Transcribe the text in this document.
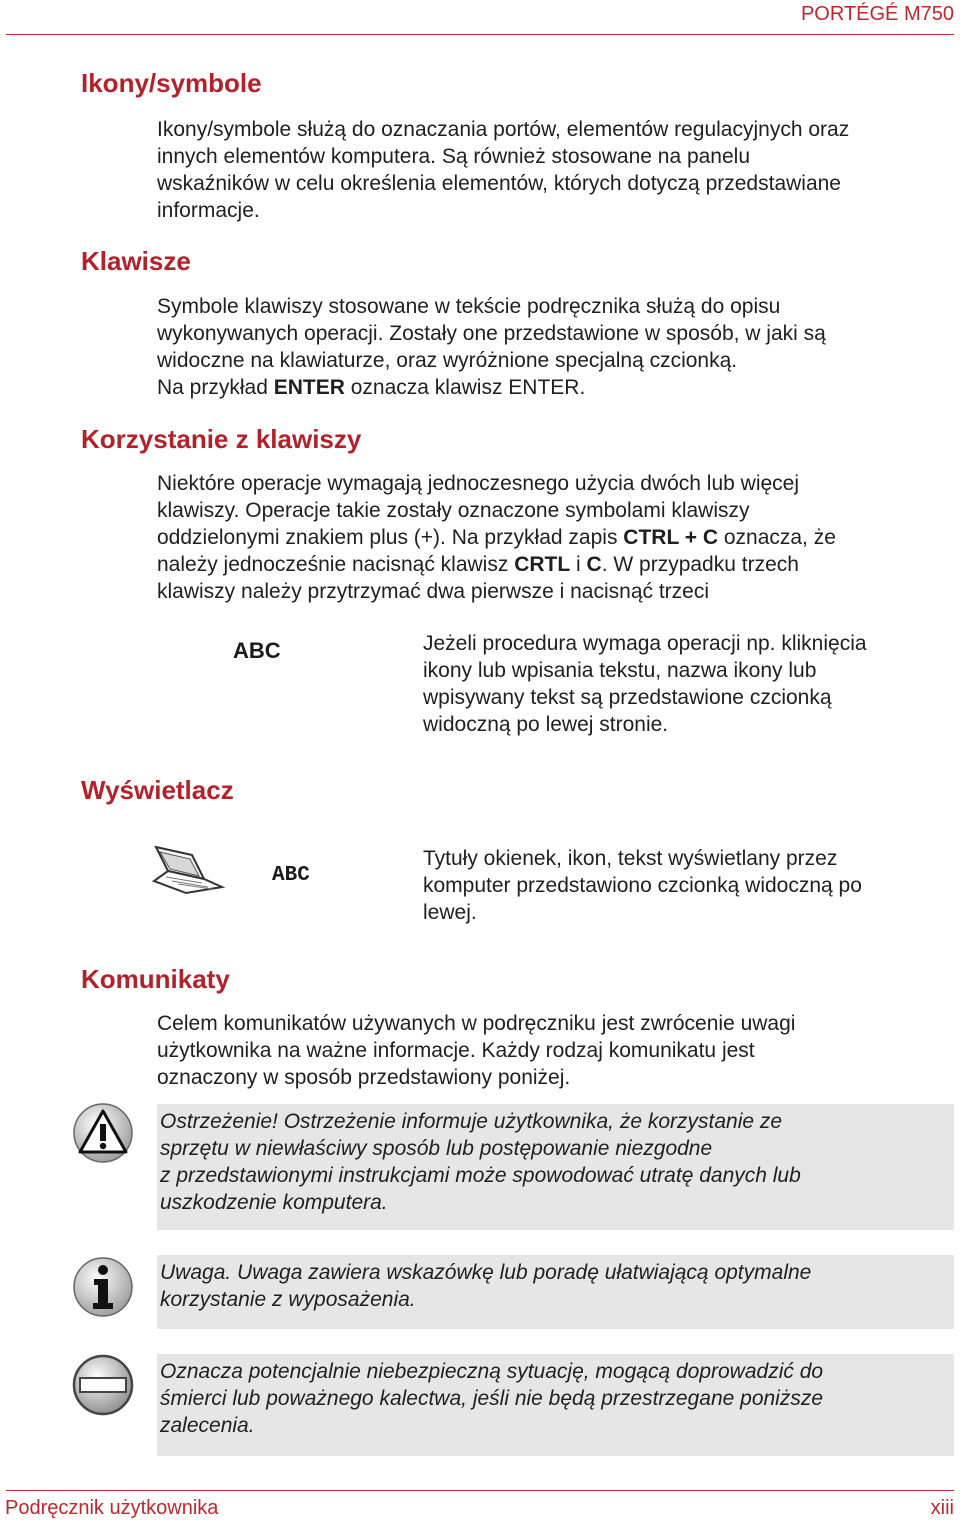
PORTÉGÉ M750
Ikony/symbole
Ikony/symbole służą do oznaczania portów, elementów regulacyjnych oraz
innych elementów komputera. Są również stosowane na panelu
wskaźników w celu określenia elementów, których dotyczą przedstawiane
informacje.
Klawisze
Symbole klawiszy stosowane w tekście podręcznika służą do opisu
wykonywanych operacji. Zostały one przedstawione w sposób, w jaki są
widoczne na klawiaturze, oraz wyróżnione specjalną czcionką.
Na przykład ENTER oznacza klawisz ENTER.
Korzystanie z klawiszy
Niektóre operacje wymagają jednoczesnego użycia dwóch lub więcej
klawiszy. Operacje takie zostały oznaczone symbolami klawiszy
oddzielonymi znakiem plus (+). Na przykład zapis CTRL + C oznacza, że
należy jednocześnie nacisnąć klawisz CRTL i C. W przypadku trzech
klawiszy należy przytrzymać dwa pierwsze i nacisnąć trzeci
ABC	Jeżeli procedura wymaga operacji np. kliknięcia
ikony lub wpisania tekstu, nazwa ikony lub
wpisywany tekst są przedstawione czcionką
widoczną po lewej stronie.
Wyświetlacz
ABC
Tytuły okienek, ikon, tekst wyświetlany przez
komputer przedstawiono czcionką widoczną po
lewej.
Komunikaty
Celem komunikatów używanych w podręczniku jest zwrócenie uwagi
użytkownika na ważne informacje. Każdy rodzaj komunikatu jest
oznaczony w sposób przedstawiony poniżej.
Ostrzeżenie! Ostrzeżenie informuje użytkownika, że korzystanie ze
sprzętu w niewłaściwy sposób lub postępowanie niezgodne
z przedstawionymi instrukcjami może spowodować utratę danych lub
uszkodzenie komputera.
Uwaga. Uwaga zawiera wskazówkę lub poradę ułatwiającą optymalne
korzystanie z wyposażenia.
Oznacza potencjalnie niebezpieczną sytuację, mogącą doprowadzić do
śmierci lub poważnego kalectwa, jeśli nie będą przestrzegane poniższe
zalecenia.
Podręcznik użytkownika	xiii
